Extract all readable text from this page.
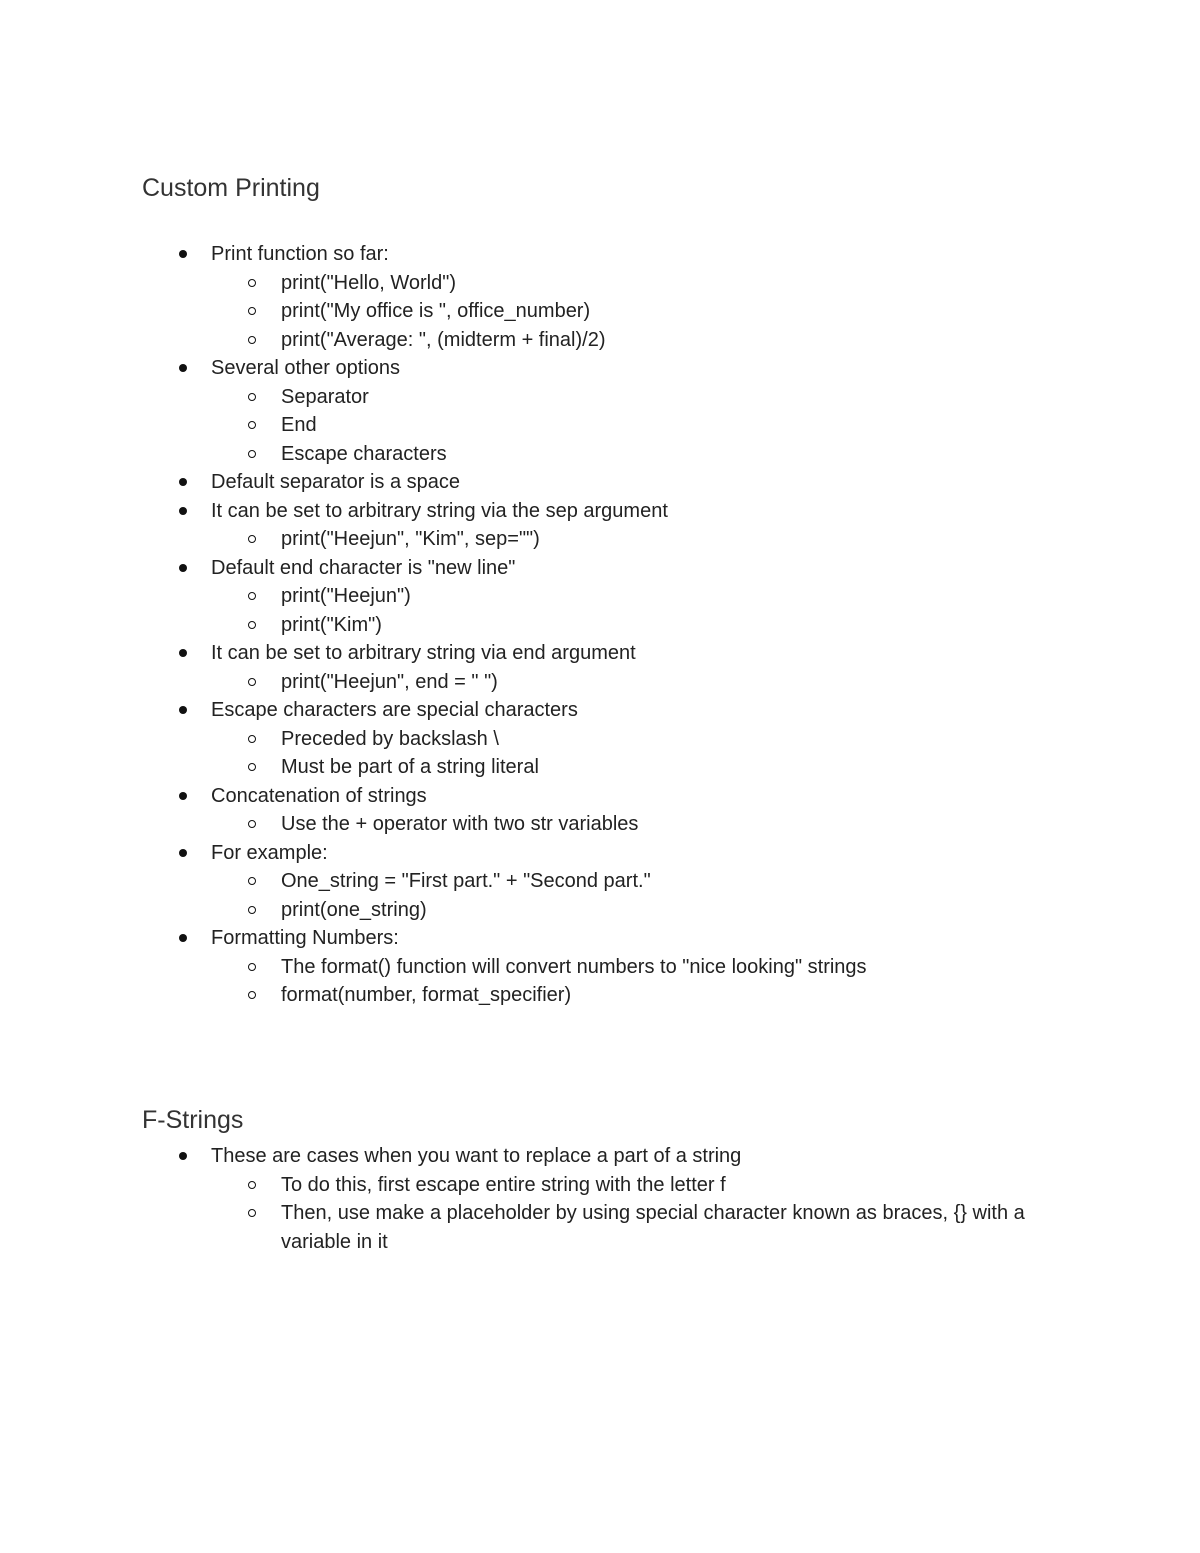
Custom Printing
Print function so far:
print("Hello, World")
print("My office is ", office_number)
print("Average: ", (midterm + final)/2)
Several other options
Separator
End
Escape characters
Default separator is a space
It can be set to arbitrary string via the sep argument
print("Heejun", "Kim", sep="")
Default end character is "new line"
print("Heejun")
print("Kim")
It can be set to arbitrary string via end argument
print("Heejun", end = " ")
Escape characters are special characters
Preceded by backslash \
Must be part of a string literal
Concatenation of strings
Use the + operator with two str variables
For example:
One_string = "First part." + "Second part."
print(one_string)
Formatting Numbers:
The format() function will convert numbers to "nice looking" strings
format(number, format_specifier)
F-Strings
These are cases when you want to replace a part of a string
To do this, first escape entire string with the letter f
Then, use make a placeholder by using special character known as braces, {} with a variable in it
